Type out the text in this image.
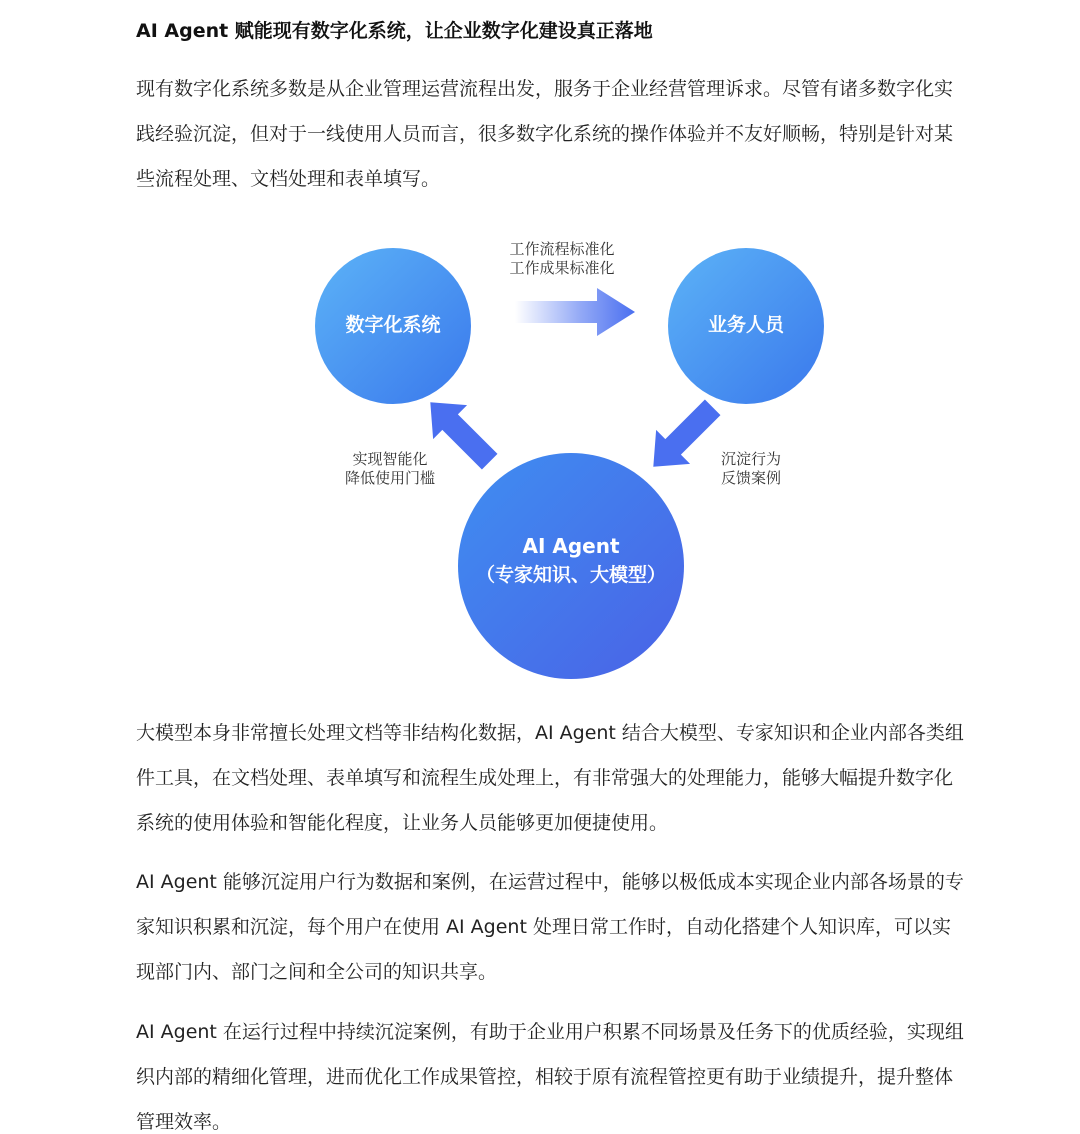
AI Agent 赋能现有数字化系统，让企业数字化建设真正落地
现有数字化系统多数是从企业管理运营流程出发，服务于企业经营管理诉求。尽管有诸多数字化实
践经验沉淀，但对于一线使用人员而言，很多数字化系统的操作体验并不友好顺畅，特别是针对某
些流程处理、文档处理和表单填写。
数字化系统	业务人员
AI Agent
（专家知识、大模型）
工作流程标准化
工作成果标准化
实现智能化
降低使用门槛
沉淀行为
反馈案例
大模型本身非常擅长处理文档等非结构化数据，AI Agent 结合大模型、专家知识和企业内部各类组
件工具，在文档处理、表单填写和流程生成处理上，有非常强大的处理能力，能够大幅提升数字化
系统的使用体验和智能化程度，让业务人员能够更加便捷使用。
AI Agent 能够沉淀用户行为数据和案例，在运营过程中，能够以极低成本实现企业内部各场景的专
家知识积累和沉淀，每个用户在使用 AI Agent 处理日常工作时，自动化搭建个人知识库，可以实
现部门内、部门之间和全公司的知识共享。
AI Agent 在运行过程中持续沉淀案例，有助于企业用户积累不同场景及任务下的优质经验，实现组
织内部的精细化管理，进而优化工作成果管控，相较于原有流程管控更有助于业绩提升，提升整体
管理效率。
